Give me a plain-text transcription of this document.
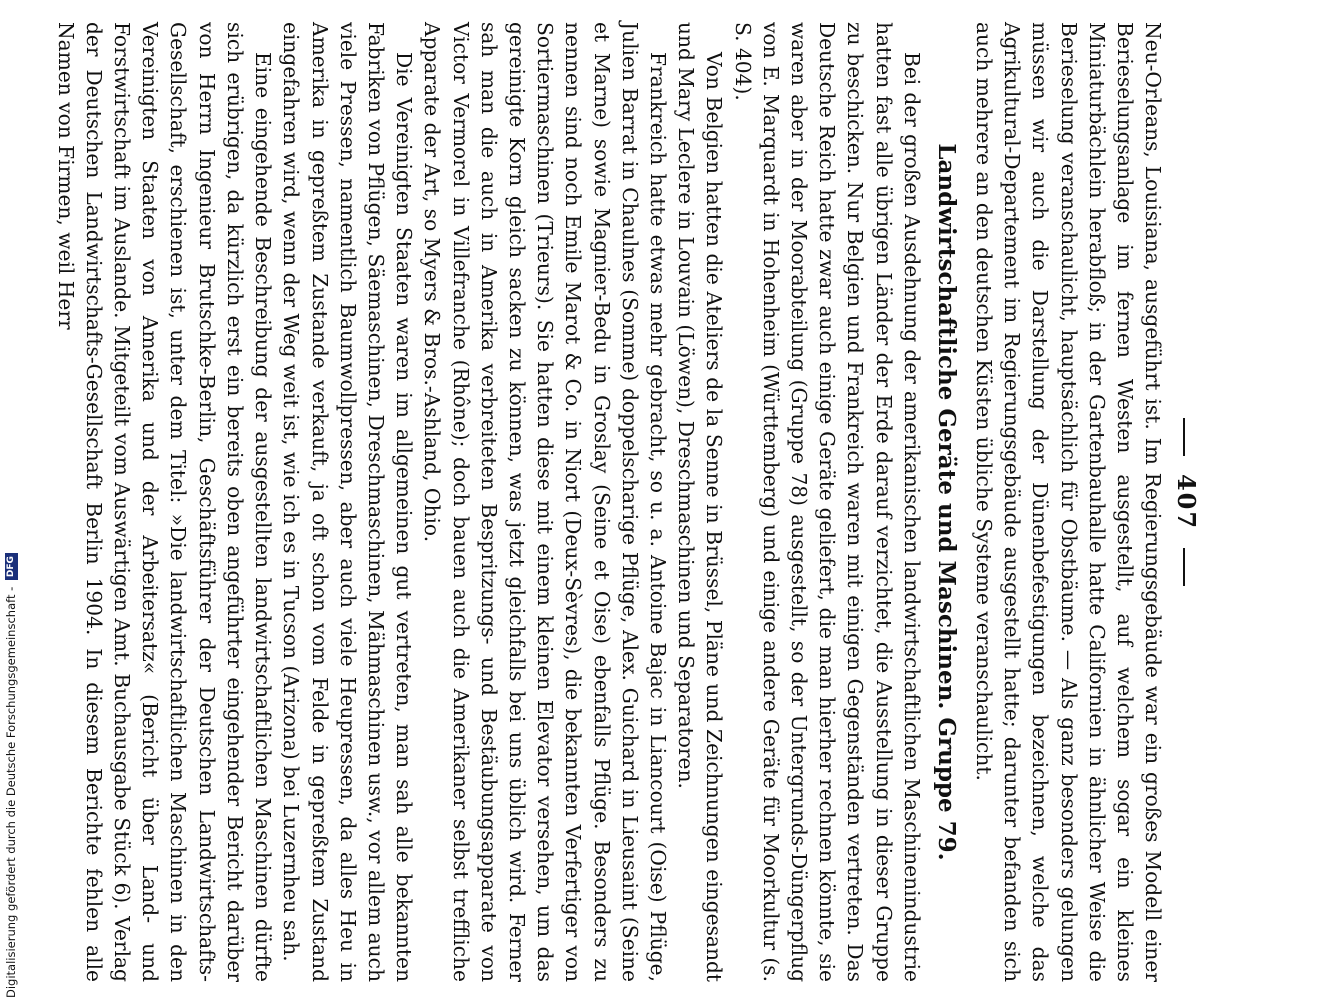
407

Neu-Orleans, Louisiana, ausgeführt ist. Im Regierungsgebäude war ein großes Modell einer Berieselungsanlage im fernen Westen ausgestellt, auf welchem sogar ein kleines Miniaturbächlein herabfloß; in der Gartenbauhalle hatte Californien in ähnlicher Weise die Berieselung veranschaulicht, hauptsächlich für Obstbäume. — Als ganz besonders gelungen müssen wir auch die Darstellung der Dünenbefestigungen bezeichnen, welche das Agrikultural-Departement im Regierungsgebäude ausgestellt hatte; darunter befanden sich auch mehrere an den deutschen Küsten übliche Systeme veranschaulicht.

Landwirtschaftliche Geräte und Maschinen. Gruppe 79.

Bei der großen Ausdehnung der amerikanischen landwirtschaftlichen Maschinenindustrie hatten fast alle übrigen Länder der Erde darauf verzichtet, die Ausstellung in dieser Gruppe zu beschicken. Nur Belgien und Frankreich waren mit einigen Gegenständen vertreten. Das Deutsche Reich hatte zwar auch einige Geräte geliefert, die man hierher rechnen könnte, sie waren aber in der Moorabteilung (Gruppe 78) ausgestellt, so der Untergrunds-Düngerpflug von E. Marquardt in Hohenheim (Württemberg) und einige andere Geräte für Moorkultur (s. S. 404).

Von Belgien hatten die Ateliers de la Senne in Brüssel, Pläne und Zeichnungen eingesandt und Mary Leclere in Louvain (Löwen), Dreschmaschinen und Separatoren.

Frankreich hatte etwas mehr gebracht, so u. a. Antoine Bajac in Liancourt (Oise) Pflüge, Julien Barrat in Chaulnes (Somme) doppelscharige Pflüge, Alex. Guichard in Lieusaint (Seine et Marne) sowie Magnier-Bedu in Groslay (Seine et Oise) ebenfalls Pflüge. Besonders zu nennen sind noch Emile Marot & Co. in Niort (Deux-Sèvres), die bekannten Verfertiger von Sortiermaschinen (Trieurs). Sie hatten diese mit einem kleinen Elevator versehen, um das gereinigte Korn gleich sacken zu können, was jetzt gleichfalls bei uns üblich wird. Ferner sah man die auch in Amerika verbreiteten Bespritzungs- und Bestäubungsapparate von Victor Vermorel in Villefranche (Rhône); doch bauen auch die Amerikaner selbst treffliche Apparate der Art, so Myers & Bros.-Ashland, Ohio.

Die Vereinigten Staaten waren im allgemeinen gut vertreten, man sah alle bekannten Fabriken von Pflügen, Säemaschinen, Dreschmaschinen, Mähmaschinen usw., vor allem auch viele Pressen, namentlich Baumwollpressen, aber auch viele Heupressen, da alles Heu in Amerika in gepreßtem Zustande verkauft, ja oft schon vom Felde in gepreßtem Zustand eingefahren wird, wenn der Weg weit ist, wie ich es in Tucson (Arizona) bei Luzernheu sah.

Eine eingehende Beschreibung der ausgestellten landwirtschaftlichen Maschinen dürfte sich erübrigen, da kürzlich erst ein bereits oben angeführter eingehender Bericht darüber von Herrn Ingenieur Brutschke-Berlin, Geschäftsführer der Deutschen Landwirtschafts-Gesellschaft, erschienen ist, unter dem Titel: »Die landwirtschaftlichen Maschinen in den Vereinigten Staaten von Amerika und der Arbeitersatz« (Bericht über Land- und Forstwirtschaft im Auslande. Mitgeteilt vom Auswärtigen Amt. Buchausgabe Stück 6). Verlag der Deutschen Landwirtschafts-Gesellschaft Berlin 1904. In diesem Berichte fehlen alle Namen von Firmen, weil Herr

Digitalisierung gefördert durch die Deutsche Forschungsgemeinschaft - DFG
